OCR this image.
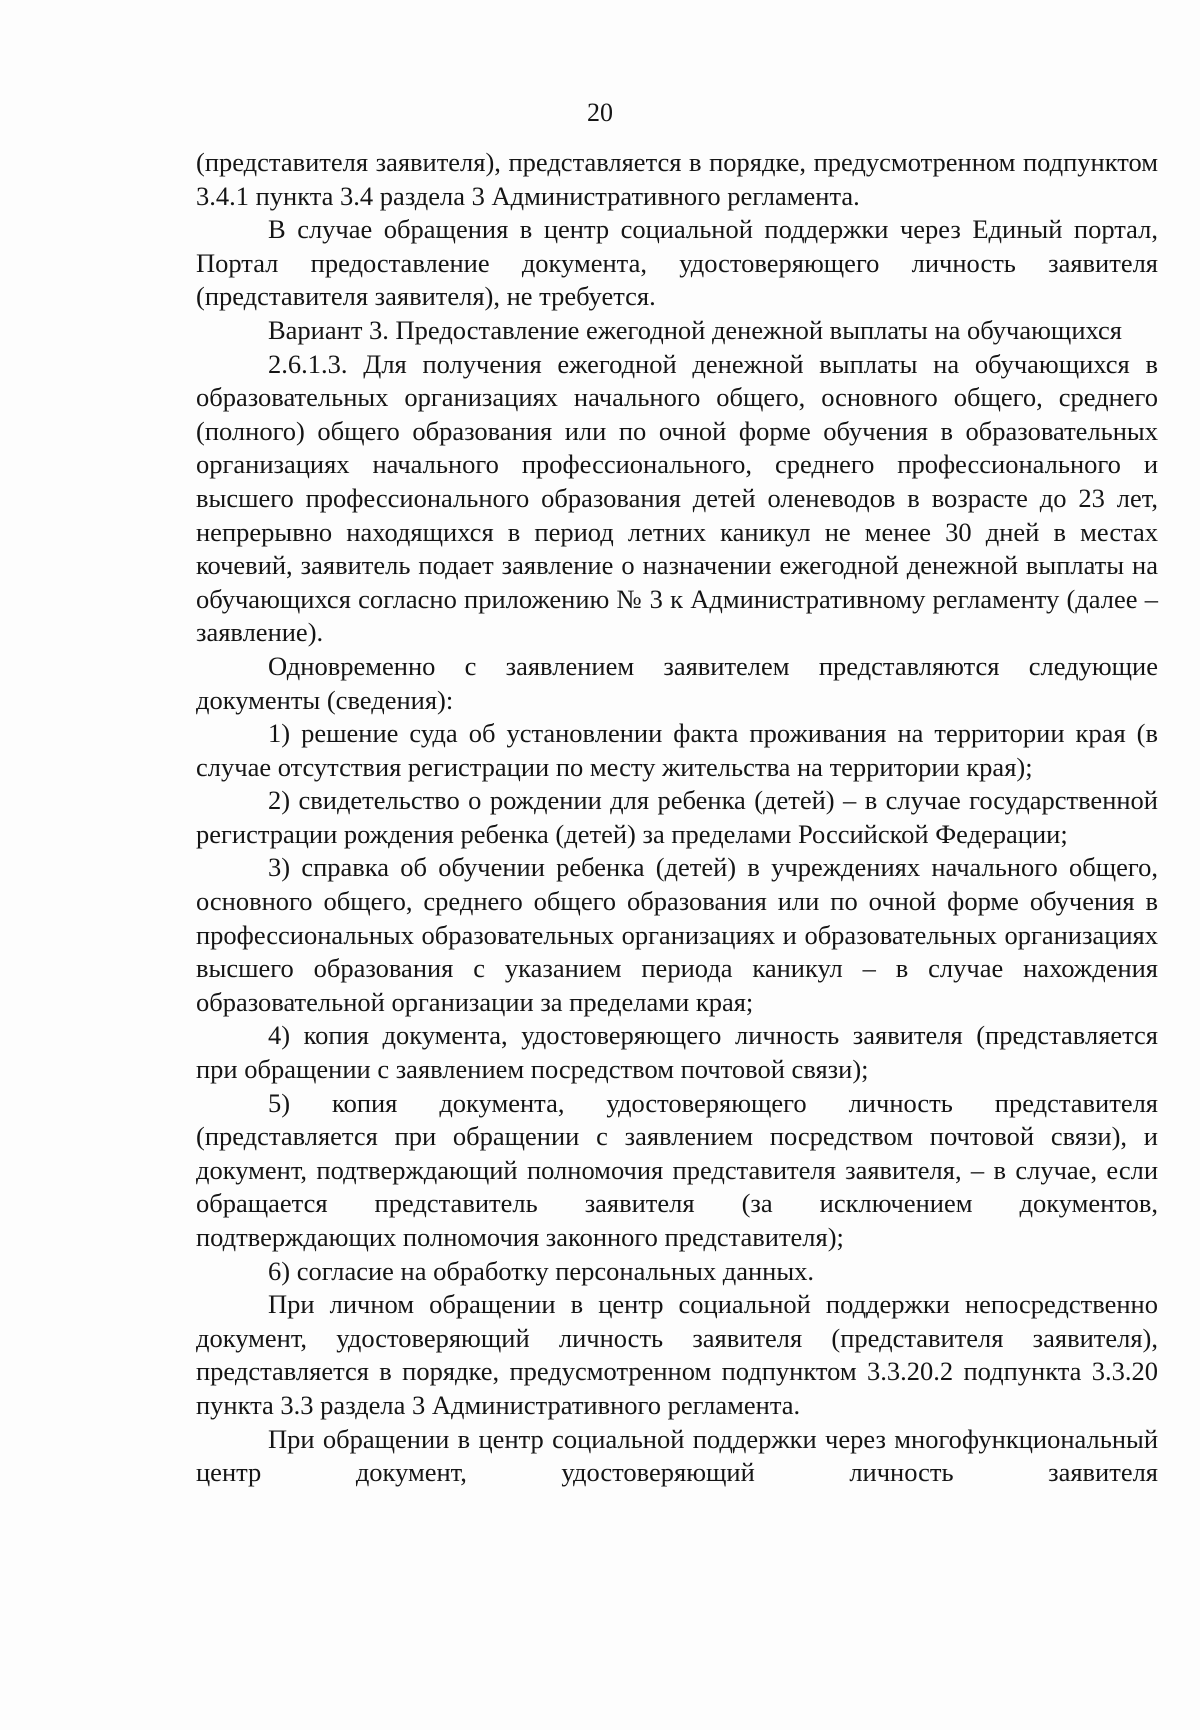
20

(представителя заявителя), представляется в порядке, предусмотренном подпунктом 3.4.1 пункта 3.4 раздела 3 Административного регламента.

В случае обращения в центр социальной поддержки через Единый портал, Портал предоставление документа, удостоверяющего личность заявителя (представителя заявителя), не требуется.

Вариант 3. Предоставление ежегодной денежной выплаты на обучающихся

2.6.1.3. Для получения ежегодной денежной выплаты на обучающихся в образовательных организациях начального общего, основного общего, среднего (полного) общего образования или по очной форме обучения в образовательных организациях начального профессионального, среднего профессионального и высшего профессионального образования детей оленеводов в возрасте до 23 лет, непрерывно находящихся в период летних каникул не менее 30 дней в местах кочевий, заявитель подает заявление о назначении ежегодной денежной выплаты на обучающихся согласно приложению № 3 к Административному регламенту (далее – заявление).

Одновременно с заявлением заявителем представляются следующие документы (сведения):

1) решение суда об установлении факта проживания на территории края (в случае отсутствия регистрации по месту жительства на территории края);

2) свидетельство о рождении для ребенка (детей) – в случае государственной регистрации рождения ребенка (детей) за пределами Российской Федерации;

3) справка об обучении ребенка (детей) в учреждениях начального общего, основного общего, среднего общего образования или по очной форме обучения в профессиональных образовательных организациях и образовательных организациях высшего образования с указанием периода каникул – в случае нахождения образовательной организации за пределами края;

4) копия документа, удостоверяющего личность заявителя (представляется при обращении с заявлением посредством почтовой связи);

5) копия документа, удостоверяющего личность представителя (представляется при обращении с заявлением посредством почтовой связи), и документ, подтверждающий полномочия представителя заявителя, – в случае, если обращается представитель заявителя (за исключением документов, подтверждающих полномочия законного представителя);

6) согласие на обработку персональных данных.

При личном обращении в центр социальной поддержки непосредственно документ, удостоверяющий личность заявителя (представителя заявителя), представляется в порядке, предусмотренном подпунктом 3.3.20.2 подпункта 3.3.20 пункта 3.3 раздела 3 Административного регламента.

При обращении в центр социальной поддержки через многофункциональный центр документ, удостоверяющий личность заявителя
